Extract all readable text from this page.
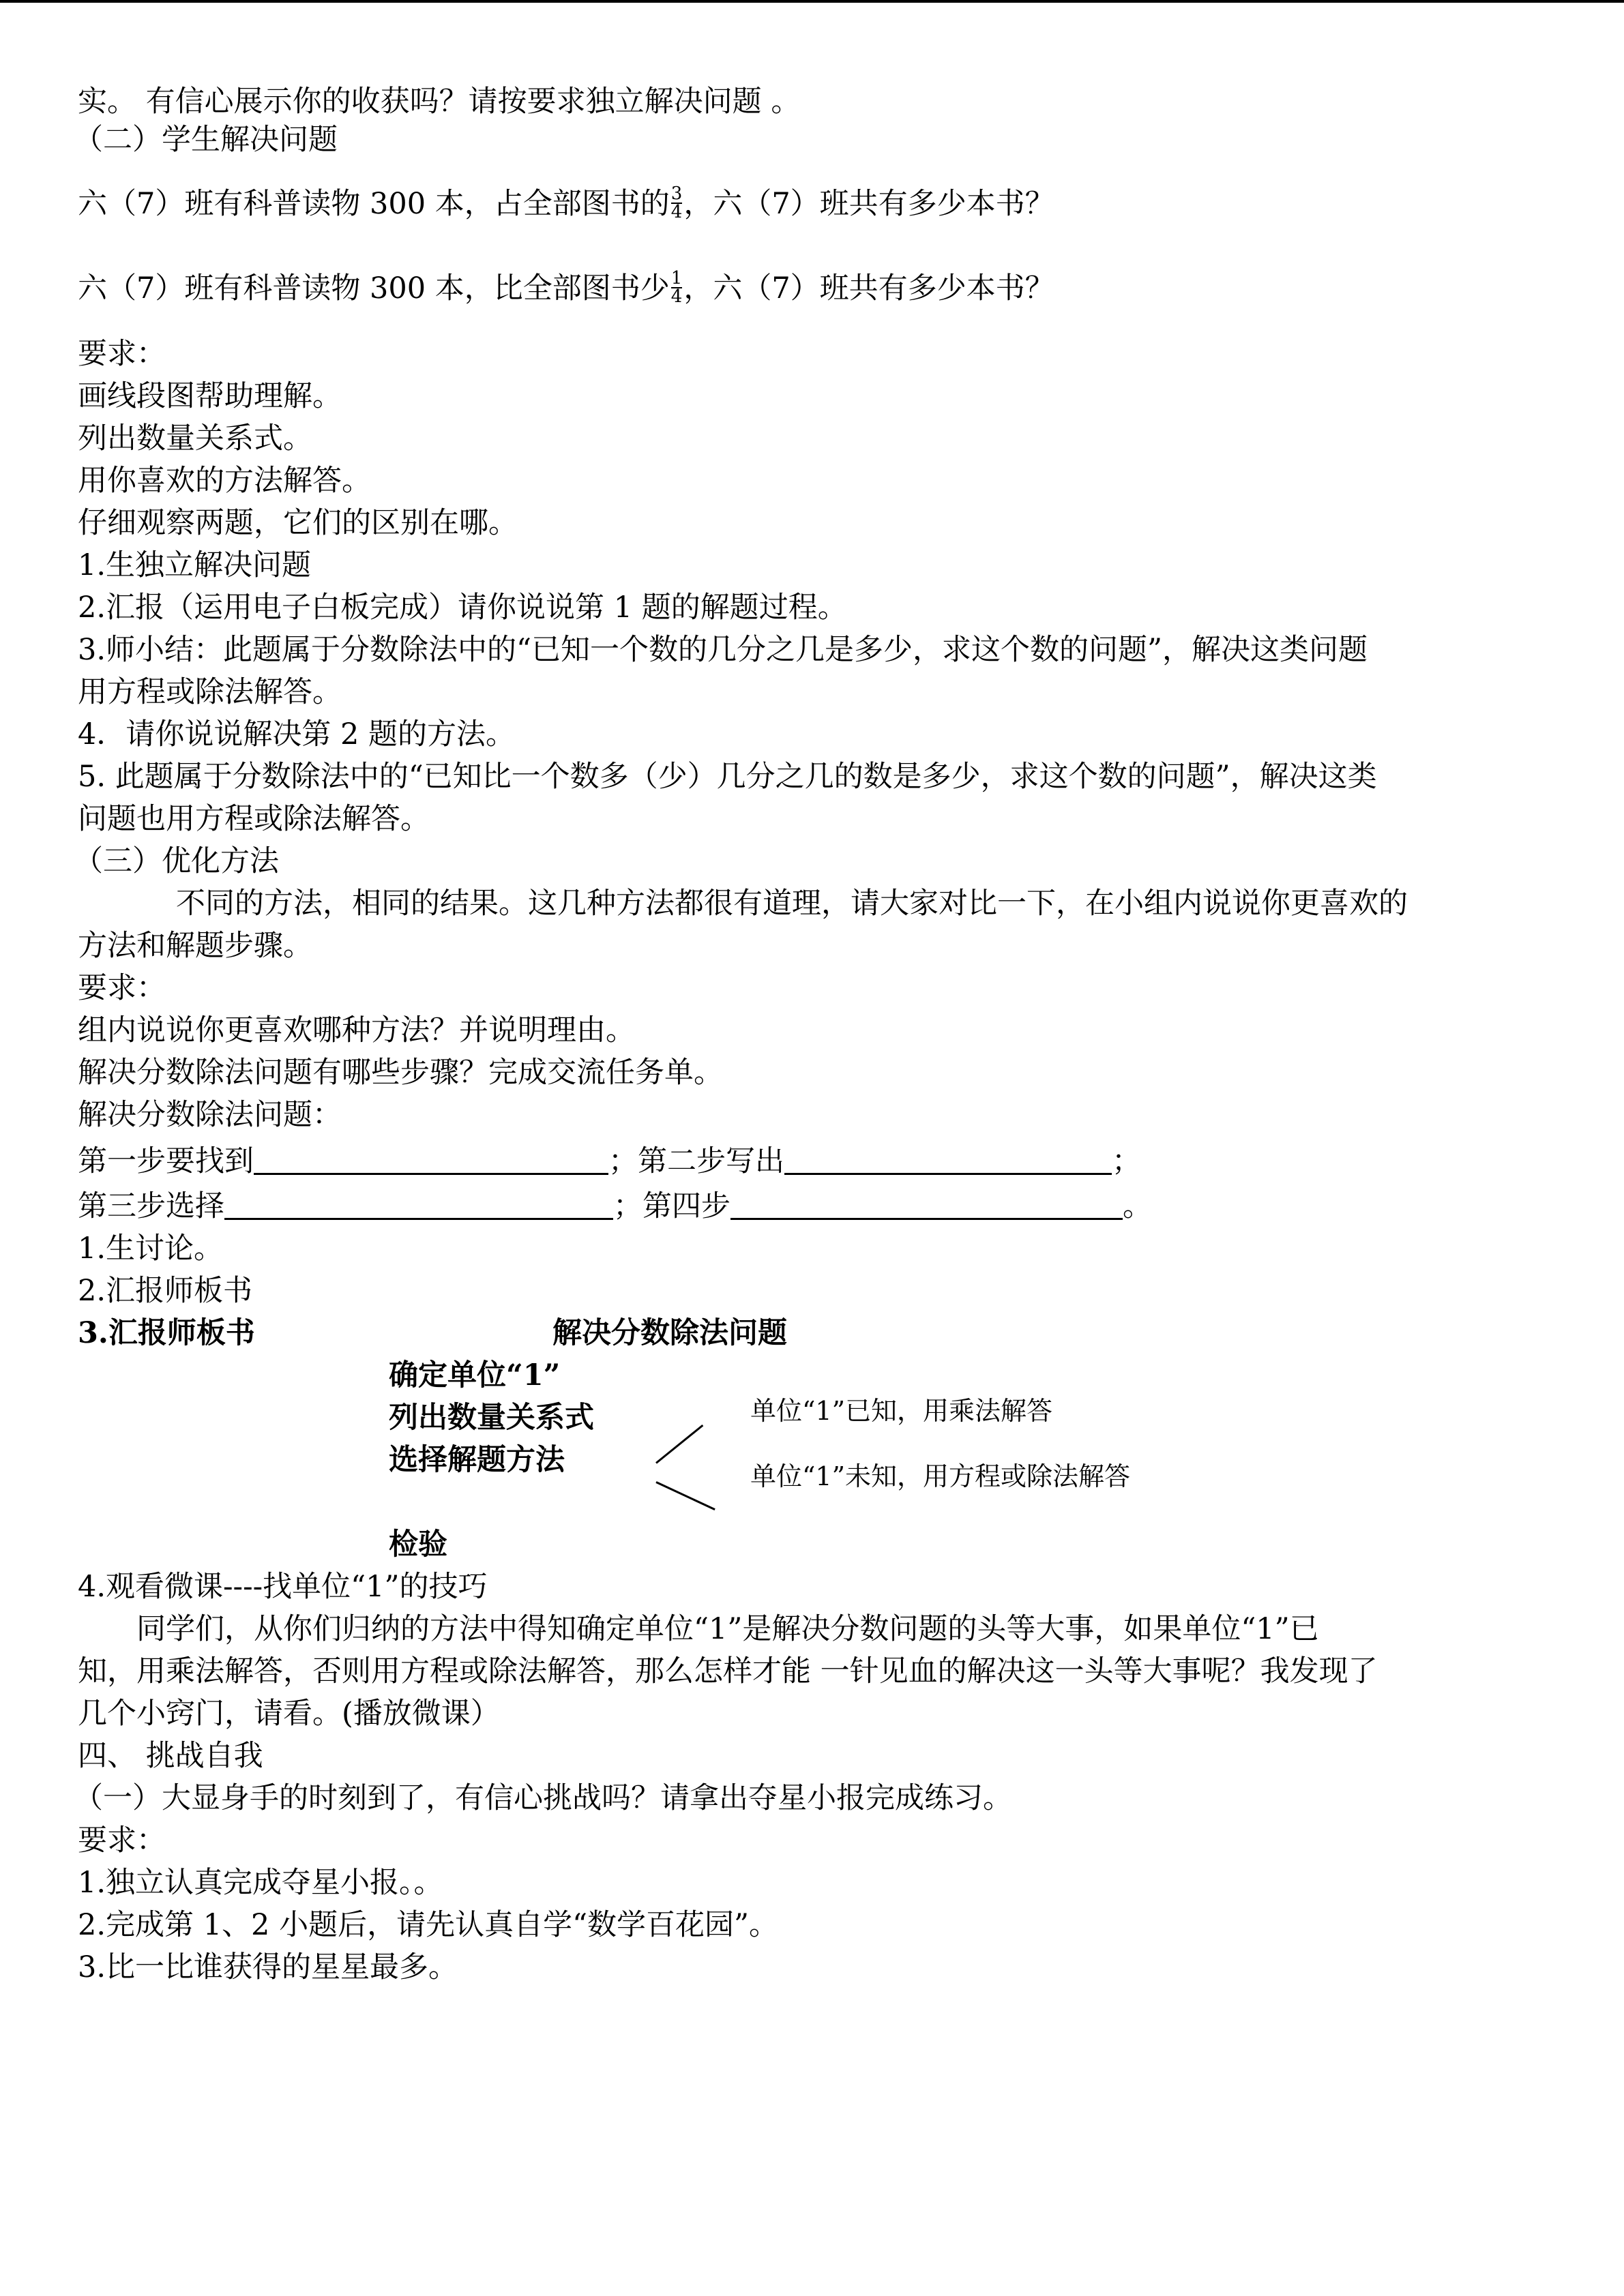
实。 有信心展示你的收获吗？请按要求独立解决问题 。

（二）学生解决问题

六（7）班有科普读物 300 本，占全部图书的 $\frac{3}{4}$ ，六（7）班共有多少本书？

六（7）班有科普读物 300 本，比全部图书少 $\frac{1}{4}$ ，六（7）班共有多少本书？

要求：

画线段图帮助理解。

列出数量关系式。

用你喜欢的方法解答。

仔细观察两题，它们的区别在哪。

1.生独立解决问题

2.汇报（运用电子白板完成）请你说说第 1 题的解题过程。

3.师小结：此题属于分数除法中的“已知一个数的几分之几是多少，求这个数的问题”，解决这类问题

用方程或除法解答。

4．请你说说解决第 2 题的方法。

5. 此题属于分数除法中的“已知比一个数多（少）几分之几的数是多少，求这个数的问题”，解决这类

问题也用方程或除法解答。

（三）优化方法

不同的方法，相同的结果。这几种方法都很有道理，请大家对比一下，在小组内说说你更喜欢的

方法和解题步骤。

要求：

组内说说你更喜欢哪种方法？并说明理由。

解决分数除法问题有哪些步骤？完成交流任务单。

解决分数除法问题：

第一步要找到	；第二步写出	；

第三步选择	；第四步	。

1.生讨论。

2.汇报师板书

3.汇报师板书	解决分数除法问题

确定单位“1”

列出数量关系式

选择解题方法

单位“1”已知，用乘法解答
单位“1”未知，用方程或除法解答

检验

4.观看微课----找单位“1”的技巧

同学们，从你们归纳的方法中得知确定单位“1”是解决分数问题的头等大事，如果单位“1”已

知，用乘法解答，否则用方程或除法解答，那么怎样才能 一针见血的解决这一头等大事呢？我发现了

几个小窍门，请看。(播放微课）

四、 挑战自我

（一）大显身手的时刻到了，有信心挑战吗？请拿出夺星小报完成练习。

要求：

1.独立认真完成夺星小报。。

2.完成第 1、2 小题后，请先认真自学“数学百花园”。

3.比一比谁获得的星星最多。
